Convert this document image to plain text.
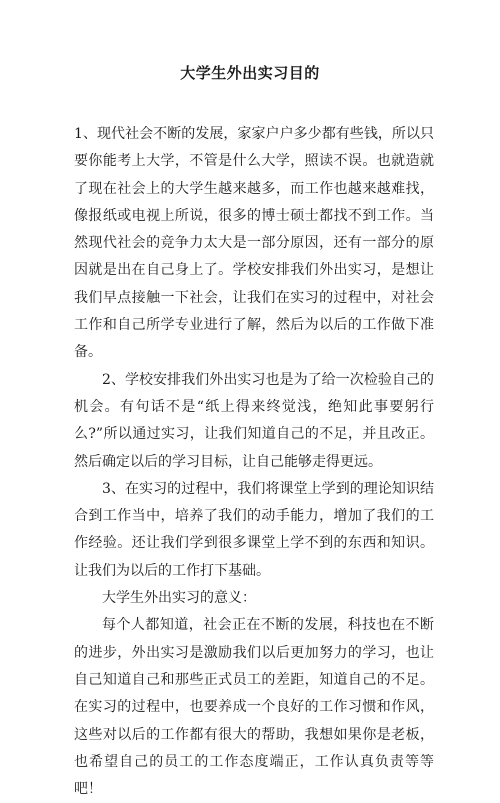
大学生外出实习目的

1、现代社会不断的发展，家家户户多少都有些钱，所以只要你能考上大学，不管是什么大学，照读不误。也就造就了现在社会上的大学生越来越多，而工作也越来越难找，像报纸或电视上所说，很多的博士硕士都找不到工作。当然现代社会的竞争力太大是一部分原因，还有一部分的原因就是出在自己身上了。学校安排我们外出实习，是想让我们早点接触一下社会，让我们在实习的过程中，对社会工作和自己所学专业进行了解，然后为以后的工作做下准备。

2、学校安排我们外出实习也是为了给一次检验自己的机会。有句话不是“纸上得来终觉浅，绝知此事要躬行么?”所以通过实习，让我们知道自己的不足，并且改正。然后确定以后的学习目标，让自己能够走得更远。

3、在实习的过程中，我们将课堂上学到的理论知识结合到工作当中，培养了我们的动手能力，增加了我们的工作经验。还让我们学到很多课堂上学不到的东西和知识。让我们为以后的工作打下基础。

大学生外出实习的意义：

每个人都知道，社会正在不断的发展，科技也在不断的进步，外出实习是激励我们以后更加努力的学习，也让自己知道自己和那些正式员工的差距，知道自己的不足。在实习的过程中，也要养成一个良好的工作习惯和作风，这些对以后的工作都有很大的帮助，我想如果你是老板，也希望自己的员工的工作态度端正，工作认真负责等等吧！
